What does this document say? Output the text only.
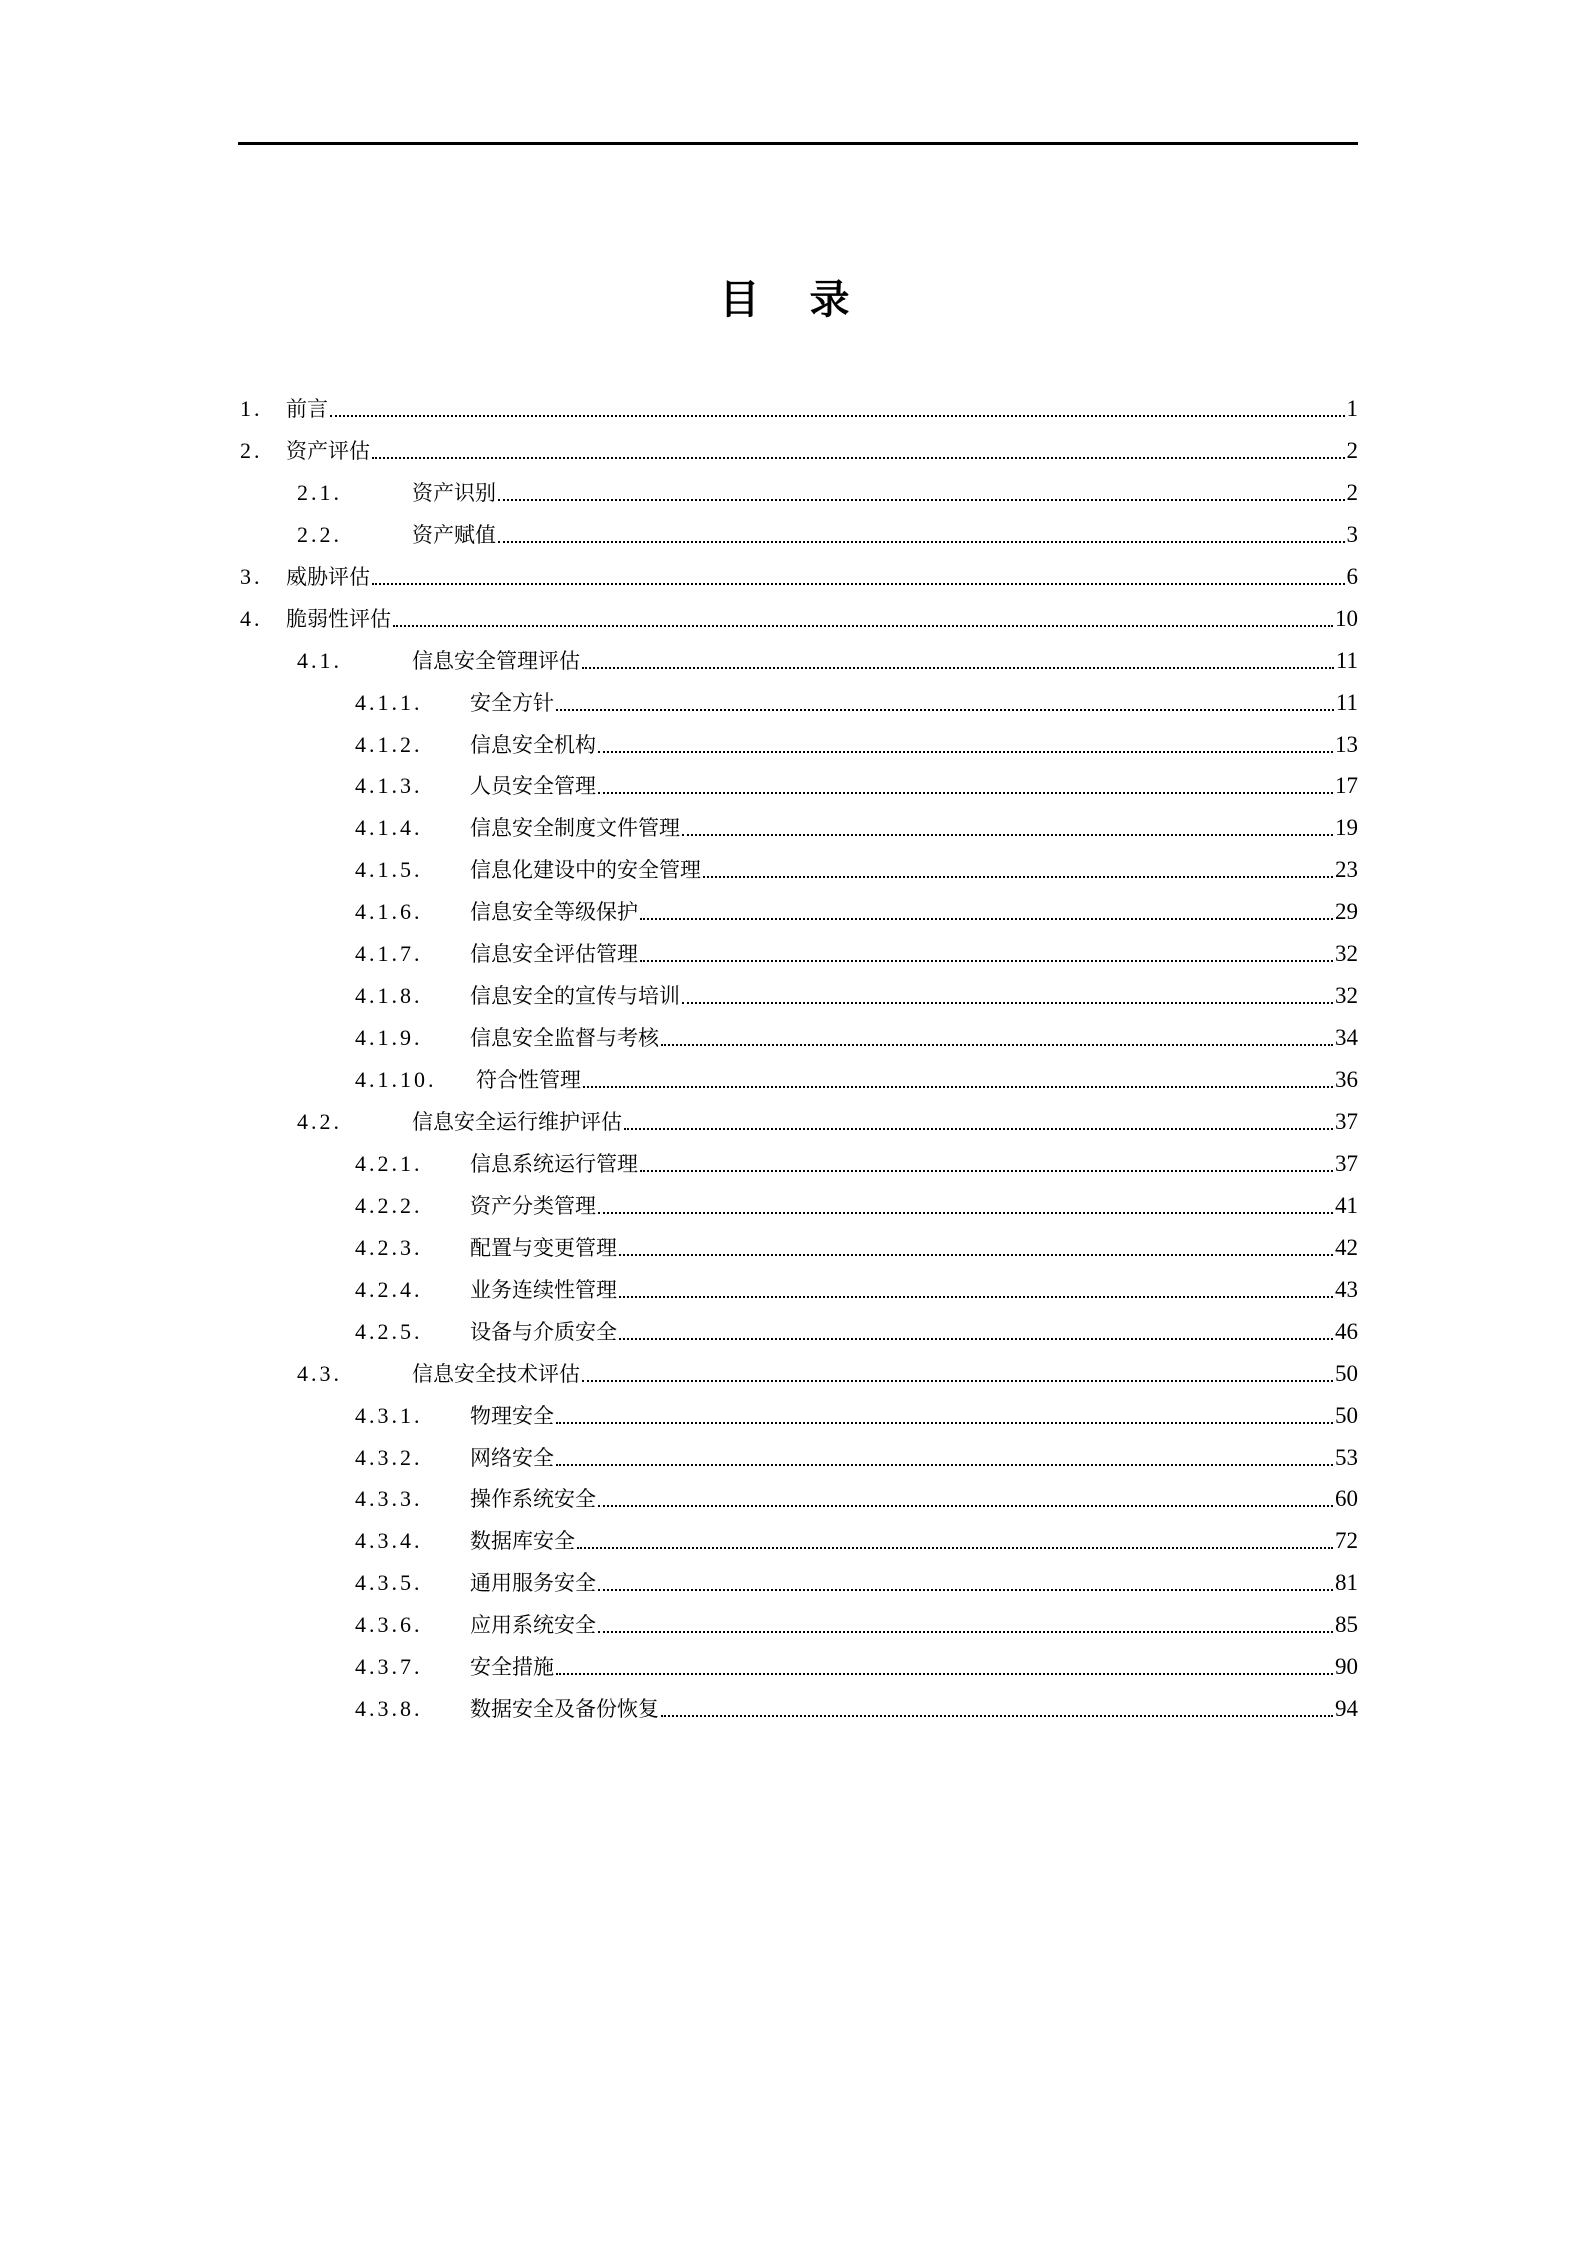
目 录
1. 前言	1
2. 资产评估	2
2.1.	资产识别	2
2.2.	资产赋值	3
3. 威胁评估	6
4. 脆弱性评估	10
4.1.	信息安全管理评估	11
4.1.1. 安全方针	11
4.1.2. 信息安全机构	13
4.1.3. 人员安全管理	17
4.1.4. 信息安全制度文件管理	19
4.1.5. 信息化建设中的安全管理	23
4.1.6. 信息安全等级保护	29
4.1.7. 信息安全评估管理	32
4.1.8. 信息安全的宣传与培训	32
4.1.9. 信息安全监督与考核	34
4.1.10. 符合性管理	36
4.2.	信息安全运行维护评估	37
4.2.1. 信息系统运行管理	37
4.2.2. 资产分类管理	41
4.2.3. 配置与变更管理	42
4.2.4. 业务连续性管理	43
4.2.5. 设备与介质安全	46
4.3.	信息安全技术评估	50
4.3.1. 物理安全	50
4.3.2. 网络安全	53
4.3.3. 操作系统安全	60
4.3.4. 数据库安全	72
4.3.5. 通用服务安全	81
4.3.6. 应用系统安全	85
4.3.7. 安全措施	90
4.3.8. 数据安全及备份恢复	94
